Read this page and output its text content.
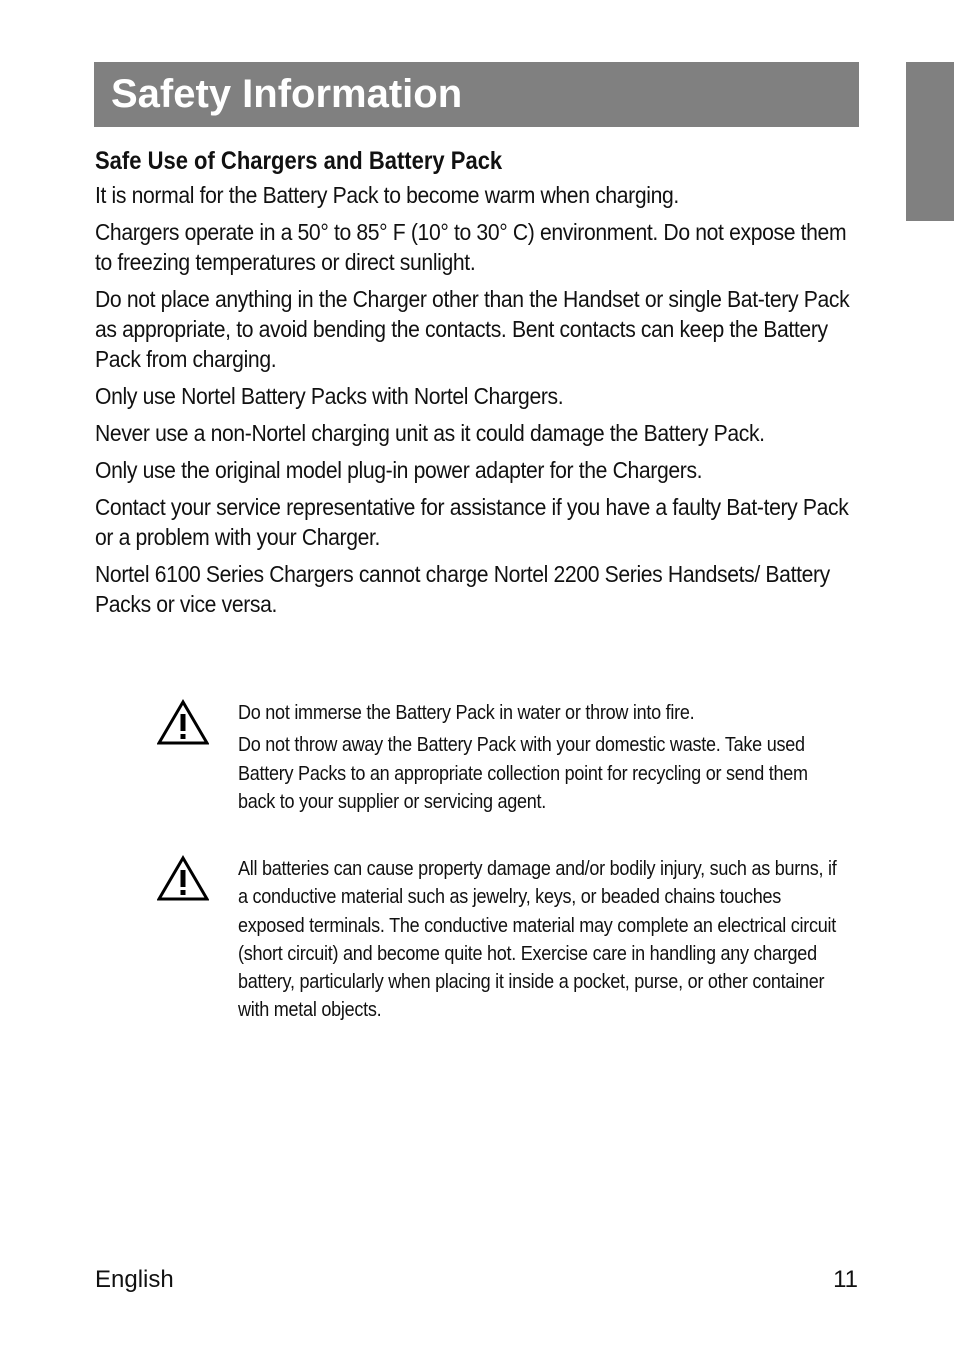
Safety Information
Safe Use of Chargers and Battery Pack

It is normal for the Battery Pack to become warm when charging.

Chargers operate in a 50° to 85° F (10° to 30° C) environment. Do not expose them to freezing temperatures or direct sunlight.

Do not place anything in the Charger other than the Handset or single Bat-tery Pack as appropriate, to avoid bending the contacts. Bent contacts can keep the Battery Pack from charging.

Only use Nortel Battery Packs with Nortel Chargers.

Never use a non-Nortel charging unit as it could damage the Battery Pack.

Only use the original model plug-in power adapter for the Chargers.

Contact your service representative for assistance if you have a faulty Bat-tery Pack or a problem with your Charger.

Nortel 6100 Series Chargers cannot charge Nortel 2200 Series Handsets/ Battery Packs or vice versa.

Do not immerse the Battery Pack in water or throw into fire.

Do not throw away the Battery Pack with your domestic waste. Take used Battery Packs to an appropriate collection point for recycling or send them back to your supplier or servicing agent.

All batteries can cause property damage and/or bodily injury, such as burns, if a conductive material such as jewelry, keys, or beaded chains touches exposed terminals. The conductive material may complete an electrical circuit (short circuit) and become quite hot. Exercise care in handling any charged battery, particularly when placing it inside a pocket, purse, or other container with metal objects.

English	11
